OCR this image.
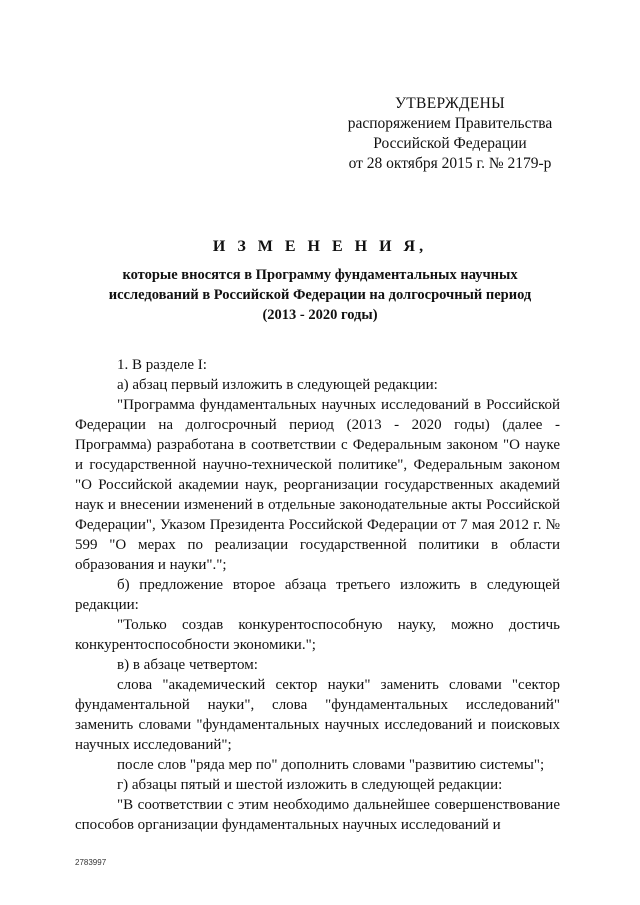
УТВЕРЖДЕНЫ
распоряжением Правительства
Российской Федерации
от 28 октября 2015 г. № 2179-р
И З М Е Н Е Н И Я,
которые вносятся в Программу фундаментальных научных
исследований в Российской Федерации на долгосрочный период
(2013 - 2020 годы)

1. В разделе I:

а) абзац первый изложить в следующей редакции:

"Программа фундаментальных научных исследований в Российской Федерации на долгосрочный период (2013 - 2020 годы) (далее - Программа) разработана в соответствии с Федеральным законом "О науке и государственной научно-технической политике", Федеральным законом "О Российской академии наук, реорганизации государственных академий наук и внесении изменений в отдельные законодательные акты Российской Федерации", Указом Президента Российской Федерации от 7 мая 2012 г. № 599 "О мерах по реализации государственной политики в области образования и науки".";

б) предложение второе абзаца третьего изложить в следующей редакции:

"Только создав конкурентоспособную науку, можно достичь конкурентоспособности экономики.";

в) в абзаце четвертом:

слова "академический сектор науки" заменить словами "сектор фундаментальной науки", слова "фундаментальных исследований" заменить словами "фундаментальных научных исследований и поисковых научных исследований";

после слов "ряда мер по" дополнить словами "развитию системы";

г) абзацы пятый и шестой изложить в следующей редакции:

"В соответствии с этим необходимо дальнейшее совершенствование способов организации фундаментальных научных исследований и

2783997
